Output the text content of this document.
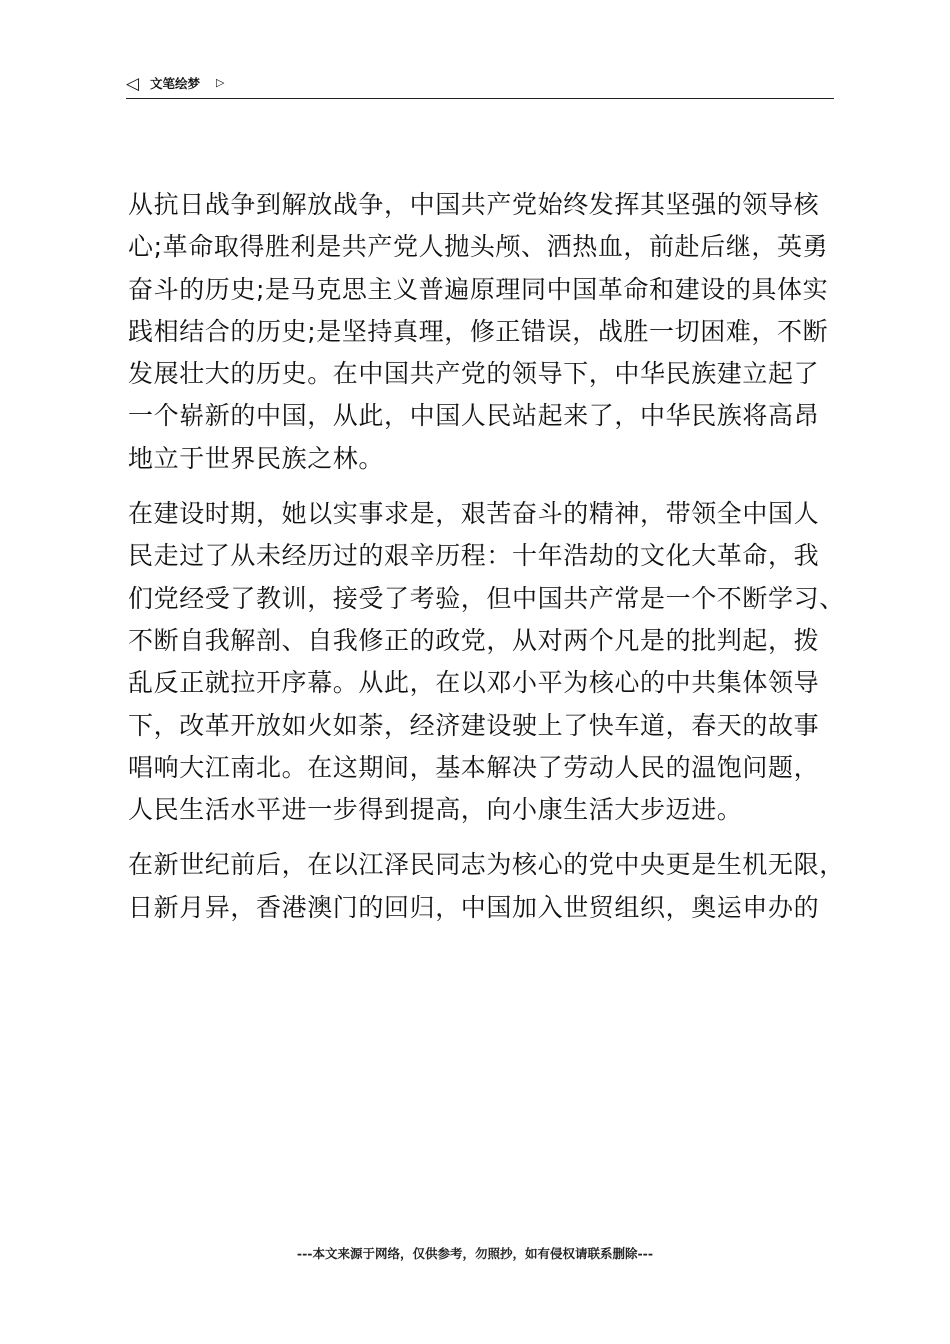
◁ 文笔绘梦 ▷

从抗日战争到解放战争，中国共产党始终发挥其坚强的领导核
心;革命取得胜利是共产党人抛头颅、洒热血，前赴后继，英勇
奋斗的历史;是马克思主义普遍原理同中国革命和建设的具体实
践相结合的历史;是坚持真理，修正错误，战胜一切困难，不断
发展壮大的历史。在中国共产党的领导下，中华民族建立起了
一个崭新的中国，从此，中国人民站起来了，中华民族将高昂
地立于世界民族之林。

在建设时期，她以实事求是，艰苦奋斗的精神，带领全中国人
民走过了从未经历过的艰辛历程：十年浩劫的文化大革命，我
们党经受了教训，接受了考验，但中国共产常是一个不断学习、
不断自我解剖、自我修正的政党，从对两个凡是的批判起，拨
乱反正就拉开序幕。从此，在以邓小平为核心的中共集体领导
下，改革开放如火如荼，经济建设驶上了快车道，春天的故事
唱响大江南北。在这期间，基本解决了劳动人民的温饱问题，
人民生活水平进一步得到提高，向小康生活大步迈进。

在新世纪前后，在以江泽民同志为核心的党中央更是生机无限，
日新月异，香港澳门的回归，中国加入世贸组织，奥运申办的

---本文来源于网络，仅供参考，勿照抄，如有侵权请联系删除---
